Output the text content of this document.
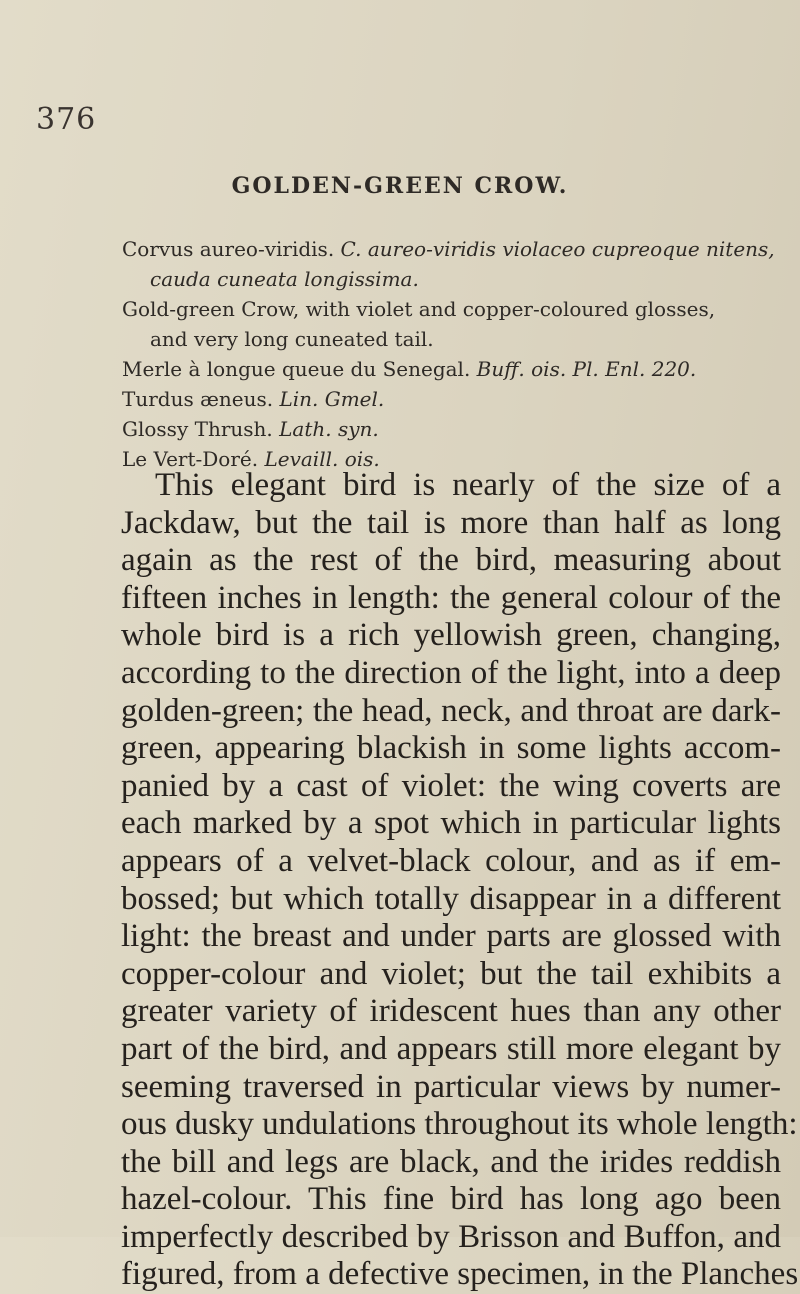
376
GOLDEN-GREEN CROW.
Corvus aureo-viridis. C. aureo-viridis violaceo cupreoque nitens,
cauda cuneata longissima.
Gold-green Crow, with violet and copper-coloured glosses,
and very long cuneated tail.
Merle à longue queue du Senegal. Buff. ois. Pl. Enl. 220.
Turdus æneus. Lin. Gmel.
Glossy Thrush. Lath. syn.
Le Vert-Doré. Levaill. ois.
This elegant bird is nearly of the size of a
Jackdaw, but the tail is more than half as long
again as the rest of the bird, measuring about
fifteen inches in length: the general colour of the
whole bird is a rich yellowish green, changing,
according to the direction of the light, into a deep
golden-green; the head, neck, and throat are dark-
green, appearing blackish in some lights accom-
panied by a cast of violet: the wing coverts are
each marked by a spot which in particular lights
appears of a velvet-black colour, and as if em-
bossed; but which totally disappear in a different
light: the breast and under parts are glossed with
copper-colour and violet; but the tail exhibits a
greater variety of iridescent hues than any other
part of the bird, and appears still more elegant by
seeming traversed in particular views by numer-
ous dusky undulations throughout its whole length:
the bill and legs are black, and the irides reddish
hazel-colour. This fine bird has long ago been
imperfectly described by Brisson and Buffon, and
figured, from a defective specimen, in the Planches
